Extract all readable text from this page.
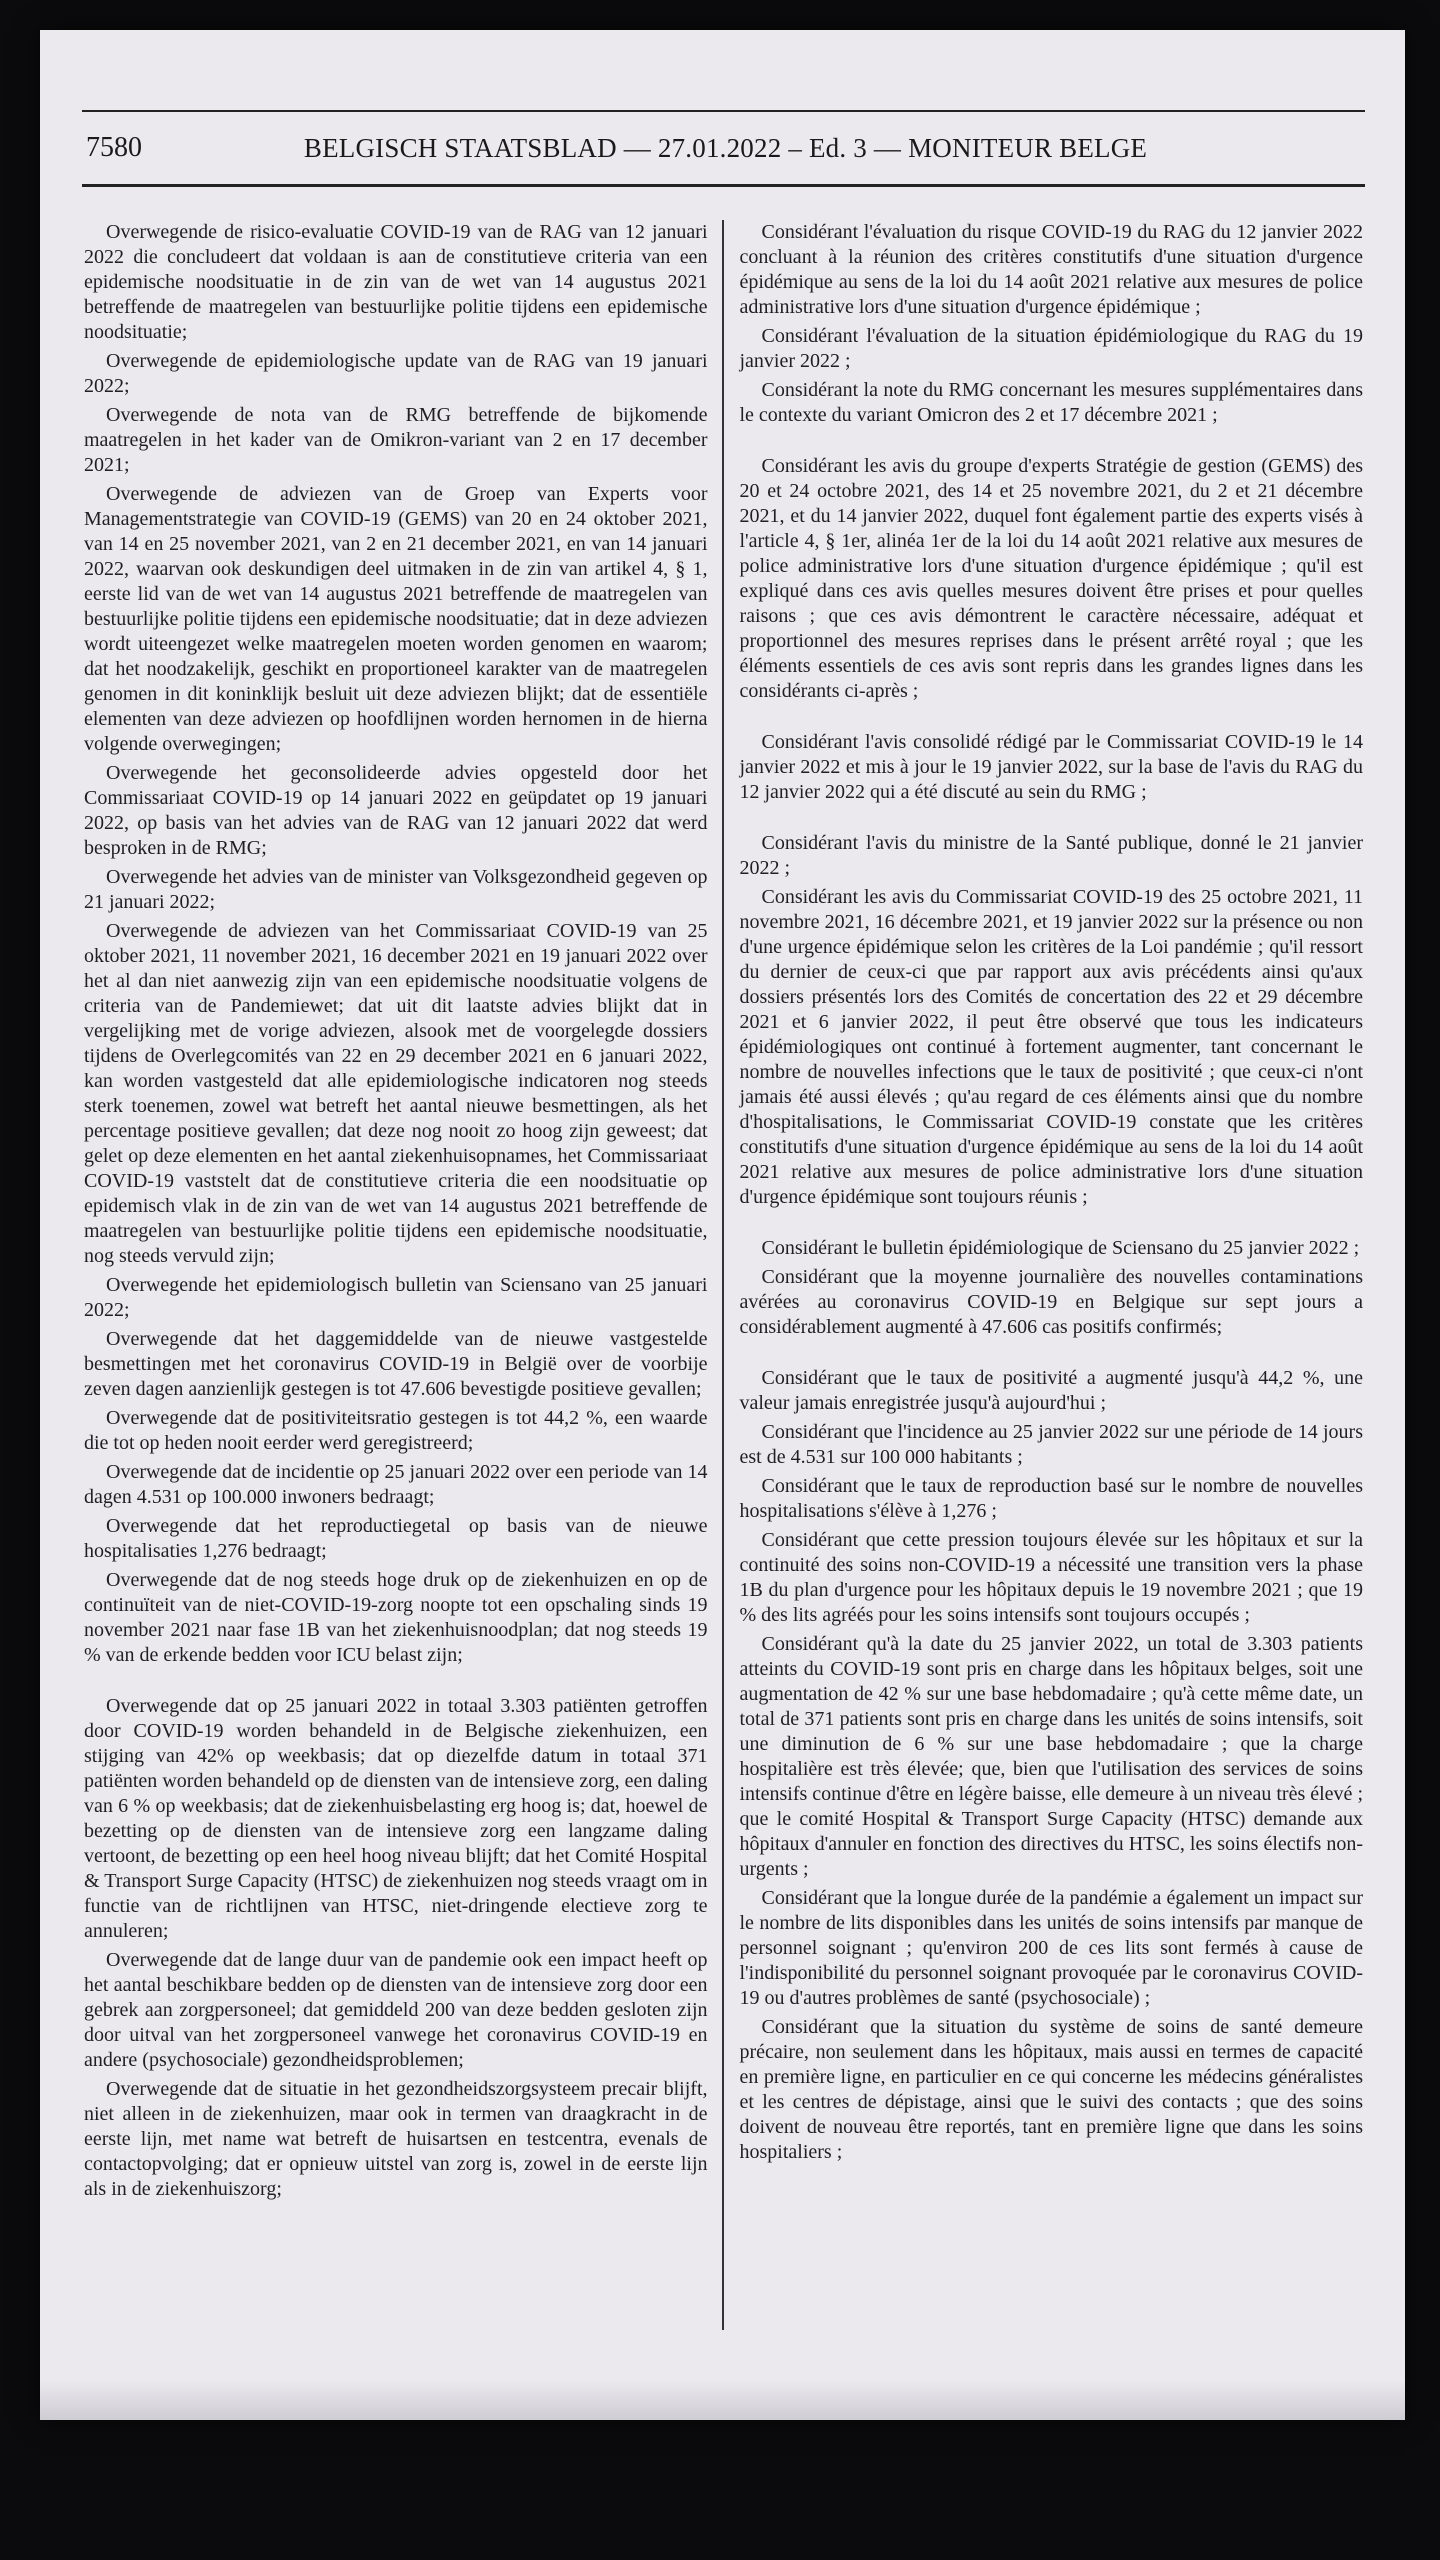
7580	BELGISCH STAATSBLAD — 27.01.2022 – Ed. 3 — MONITEUR BELGE

Overwegende de risico-evaluatie COVID-19 van de RAG van 12 januari 2022 die concludeert dat voldaan is aan de constitutieve criteria van een epidemische noodsituatie in de zin van de wet van 14 augustus 2021 betreffende de maatregelen van bestuurlijke politie tijdens een epidemische noodsituatie;

Overwegende de epidemiologische update van de RAG van 19 januari 2022;

Overwegende de nota van de RMG betreffende de bijkomende maatregelen in het kader van de Omikron-variant van 2 en 17 december 2021;

Overwegende de adviezen van de Groep van Experts voor Managementstrategie van COVID-19 (GEMS) van 20 en 24 oktober 2021, van 14 en 25 november 2021, van 2 en 21 december 2021, en van 14 januari 2022, waarvan ook deskundigen deel uitmaken in de zin van artikel 4, § 1, eerste lid van de wet van 14 augustus 2021 betreffende de maatregelen van bestuurlijke politie tijdens een epidemische noodsituatie; dat in deze adviezen wordt uiteengezet welke maatregelen moeten worden genomen en waarom; dat het noodzakelijk, geschikt en proportioneel karakter van de maatregelen genomen in dit koninklijk besluit uit deze adviezen blijkt; dat de essentiële elementen van deze adviezen op hoofdlijnen worden hernomen in de hierna volgende overwegingen;

Overwegende het geconsolideerde advies opgesteld door het Commissariaat COVID-19 op 14 januari 2022 en geüpdatet op 19 januari 2022, op basis van het advies van de RAG van 12 januari 2022 dat werd besproken in de RMG;

Overwegende het advies van de minister van Volksgezondheid gegeven op 21 januari 2022;

Overwegende de adviezen van het Commissariaat COVID-19 van 25 oktober 2021, 11 november 2021, 16 december 2021 en 19 januari 2022 over het al dan niet aanwezig zijn van een epidemische noodsituatie volgens de criteria van de Pandemiewet; dat uit dit laatste advies blijkt dat in vergelijking met de vorige adviezen, alsook met de voorgelegde dossiers tijdens de Overlegcomités van 22 en 29 december 2021 en 6 januari 2022, kan worden vastgesteld dat alle epidemiologische indicatoren nog steeds sterk toenemen, zowel wat betreft het aantal nieuwe besmettingen, als het percentage positieve gevallen; dat deze nog nooit zo hoog zijn geweest; dat gelet op deze elementen en het aantal ziekenhuisopnames, het Commissariaat COVID-19 vaststelt dat de constitutieve criteria die een noodsituatie op epidemisch vlak in de zin van de wet van 14 augustus 2021 betreffende de maatregelen van bestuurlijke politie tijdens een epidemische noodsituatie, nog steeds vervuld zijn;

Overwegende het epidemiologisch bulletin van Sciensano van 25 januari 2022;

Overwegende dat het daggemiddelde van de nieuwe vastgestelde besmettingen met het coronavirus COVID-19 in België over de voorbije zeven dagen aanzienlijk gestegen is tot 47.606 bevestigde positieve gevallen;

Overwegende dat de positiviteitsratio gestegen is tot 44,2 %, een waarde die tot op heden nooit eerder werd geregistreerd;

Overwegende dat de incidentie op 25 januari 2022 over een periode van 14 dagen 4.531 op 100.000 inwoners bedraagt;

Overwegende dat het reproductiegetal op basis van de nieuwe hospitalisaties 1,276 bedraagt;

Overwegende dat de nog steeds hoge druk op de ziekenhuizen en op de continuïteit van de niet-COVID-19-zorg noopte tot een opschaling sinds 19 november 2021 naar fase 1B van het ziekenhuisnoodplan; dat nog steeds 19 % van de erkende bedden voor ICU belast zijn;

Overwegende dat op 25 januari 2022 in totaal 3.303 patiënten getroffen door COVID-19 worden behandeld in de Belgische ziekenhuizen, een stijging van 42% op weekbasis; dat op diezelfde datum in totaal 371 patiënten worden behandeld op de diensten van de intensieve zorg, een daling van 6 % op weekbasis; dat de ziekenhuisbelasting erg hoog is; dat, hoewel de bezetting op de diensten van de intensieve zorg een langzame daling vertoont, de bezetting op een heel hoog niveau blijft; dat het Comité Hospital & Transport Surge Capacity (HTSC) de ziekenhuizen nog steeds vraagt om in functie van de richtlijnen van HTSC, niet-dringende electieve zorg te annuleren;

Overwegende dat de lange duur van de pandemie ook een impact heeft op het aantal beschikbare bedden op de diensten van de intensieve zorg door een gebrek aan zorgpersoneel; dat gemiddeld 200 van deze bedden gesloten zijn door uitval van het zorgpersoneel vanwege het coronavirus COVID-19 en andere (psychosociale) gezondheidsproblemen;

Overwegende dat de situatie in het gezondheidszorgsysteem precair blijft, niet alleen in de ziekenhuizen, maar ook in termen van draagkracht in de eerste lijn, met name wat betreft de huisartsen en testcentra, evenals de contactopvolging; dat er opnieuw uitstel van zorg is, zowel in de eerste lijn als in de ziekenhuiszorg;

Considérant l'évaluation du risque COVID-19 du RAG du 12 janvier 2022 concluant à la réunion des critères constitutifs d'une situation d'urgence épidémique au sens de la loi du 14 août 2021 relative aux mesures de police administrative lors d'une situation d'urgence épidémique ;

Considérant l'évaluation de la situation épidémiologique du RAG du 19 janvier 2022 ;

Considérant la note du RMG concernant les mesures supplémentaires dans le contexte du variant Omicron des 2 et 17 décembre 2021 ;

Considérant les avis du groupe d'experts Stratégie de gestion (GEMS) des 20 et 24 octobre 2021, des 14 et 25 novembre 2021, du 2 et 21 décembre 2021, et du 14 janvier 2022, duquel font également partie des experts visés à l'article 4, § 1er, alinéa 1er de la loi du 14 août 2021 relative aux mesures de police administrative lors d'une situation d'urgence épidémique ; qu'il est expliqué dans ces avis quelles mesures doivent être prises et pour quelles raisons ; que ces avis démontrent le caractère nécessaire, adéquat et proportionnel des mesures reprises dans le présent arrêté royal ; que les éléments essentiels de ces avis sont repris dans les grandes lignes dans les considérants ci-après ;

Considérant l'avis consolidé rédigé par le Commissariat COVID-19 le 14 janvier 2022 et mis à jour le 19 janvier 2022, sur la base de l'avis du RAG du 12 janvier 2022 qui a été discuté au sein du RMG ;

Considérant l'avis du ministre de la Santé publique, donné le 21 janvier 2022 ;

Considérant les avis du Commissariat COVID-19 des 25 octobre 2021, 11 novembre 2021, 16 décembre 2021, et 19 janvier 2022 sur la présence ou non d'une urgence épidémique selon les critères de la Loi pandémie ; qu'il ressort du dernier de ceux-ci que par rapport aux avis précédents ainsi qu'aux dossiers présentés lors des Comités de concertation des 22 et 29 décembre 2021 et 6 janvier 2022, il peut être observé que tous les indicateurs épidémiologiques ont continué à fortement augmenter, tant concernant le nombre de nouvelles infections que le taux de positivité ; que ceux-ci n'ont jamais été aussi élevés ; qu'au regard de ces éléments ainsi que du nombre d'hospitalisations, le Commissariat COVID-19 constate que les critères constitutifs d'une situation d'urgence épidémique au sens de la loi du 14 août 2021 relative aux mesures de police administrative lors d'une situation d'urgence épidémique sont toujours réunis ;

Considérant le bulletin épidémiologique de Sciensano du 25 janvier 2022 ;

Considérant que la moyenne journalière des nouvelles contaminations avérées au coronavirus COVID-19 en Belgique sur sept jours a considérablement augmenté à 47.606 cas positifs confirmés;

Considérant que le taux de positivité a augmenté jusqu'à 44,2 %, une valeur jamais enregistrée jusqu'à aujourd'hui ;

Considérant que l'incidence au 25 janvier 2022 sur une période de 14 jours est de 4.531 sur 100 000 habitants ;

Considérant que le taux de reproduction basé sur le nombre de nouvelles hospitalisations s'élève à 1,276 ;

Considérant que cette pression toujours élevée sur les hôpitaux et sur la continuité des soins non-COVID-19 a nécessité une transition vers la phase 1B du plan d'urgence pour les hôpitaux depuis le 19 novembre 2021 ; que 19 % des lits agréés pour les soins intensifs sont toujours occupés ;

Considérant qu'à la date du 25 janvier 2022, un total de 3.303 patients atteints du COVID-19 sont pris en charge dans les hôpitaux belges, soit une augmentation de 42 % sur une base hebdomadaire ; qu'à cette même date, un total de 371 patients sont pris en charge dans les unités de soins intensifs, soit une diminution de 6 % sur une base hebdomadaire ; que la charge hospitalière est très élevée; que, bien que l'utilisation des services de soins intensifs continue d'être en légère baisse, elle demeure à un niveau très élevé ; que le comité Hospital & Transport Surge Capacity (HTSC) demande aux hôpitaux d'annuler en fonction des directives du HTSC, les soins électifs non-urgents ;

Considérant que la longue durée de la pandémie a également un impact sur le nombre de lits disponibles dans les unités de soins intensifs par manque de personnel soignant ; qu'environ 200 de ces lits sont fermés à cause de l'indisponibilité du personnel soignant provoquée par le coronavirus COVID-19 ou d'autres problèmes de santé (psychosociale) ;

Considérant que la situation du système de soins de santé demeure précaire, non seulement dans les hôpitaux, mais aussi en termes de capacité en première ligne, en particulier en ce qui concerne les médecins généralistes et les centres de dépistage, ainsi que le suivi des contacts ; que des soins doivent de nouveau être reportés, tant en première ligne que dans les soins hospitaliers ;
